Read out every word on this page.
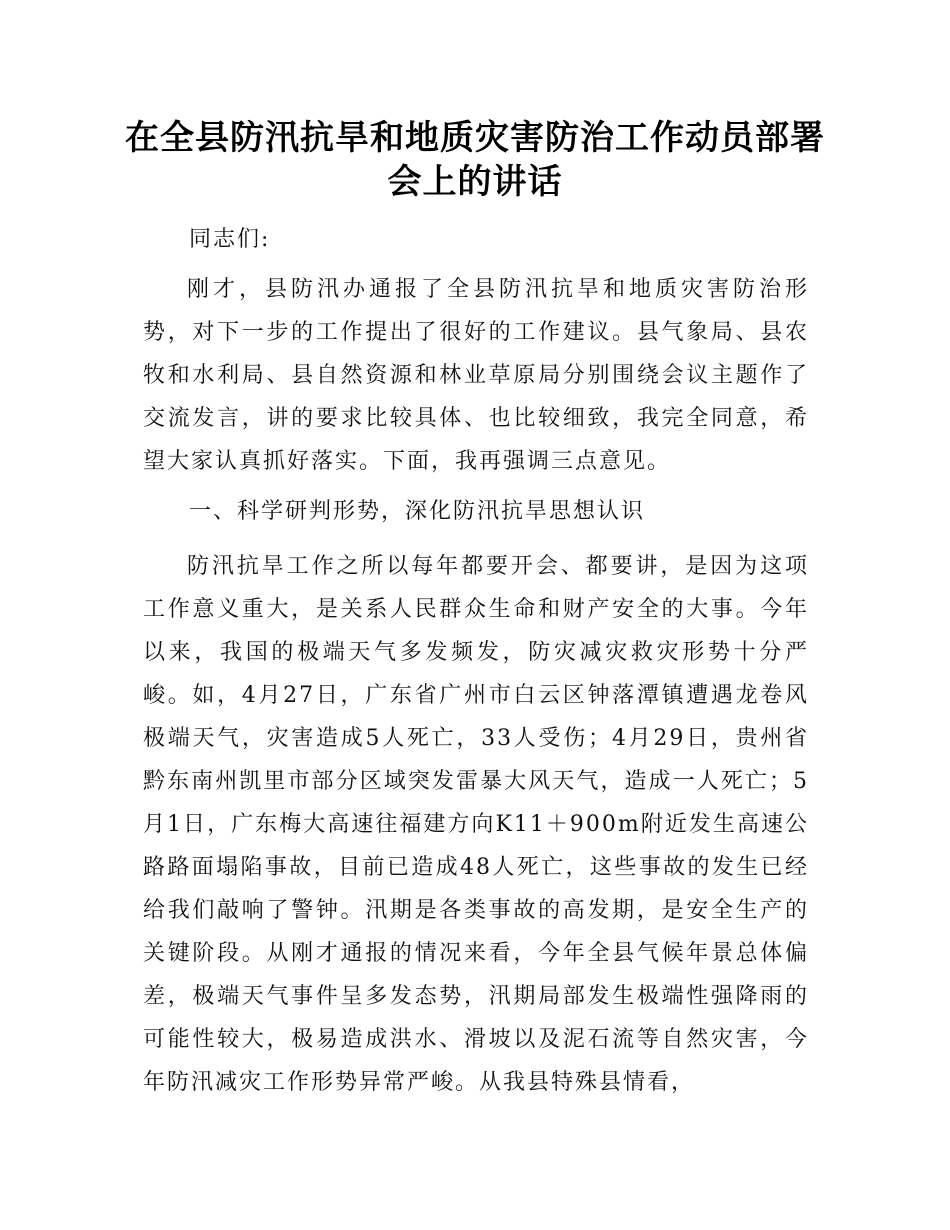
在全县防汛抗旱和地质灾害防治工作动员部署
会上的讲话

同志们:

刚才，县防汛办通报了全县防汛抗旱和地质灾害防治形势，对下一步的工作提出了很好的工作建议。县气象局、县农牧和水利局、县自然资源和林业草原局分别围绕会议主题作了交流发言，讲的要求比较具体、也比较细致，我完全同意，希望大家认真抓好落实。下面，我再强调三点意见。

一、科学研判形势，深化防汛抗旱思想认识

防汛抗旱工作之所以每年都要开会、都要讲，是因为这项工作意义重大，是关系人民群众生命和财产安全的大事。今年以来，我国的极端天气多发频发，防灾减灾救灾形势十分严峻。如，4月27日，广东省广州市白云区钟落潭镇遭遇龙卷风极端天气，灾害造成5人死亡，33人受伤；4月29日，贵州省黔东南州凯里市部分区域突发雷暴大风天气，造成一人死亡；5月1日，广东梅大高速往福建方向K11＋900m附近发生高速公路路面塌陷事故，目前已造成48人死亡，这些事故的发生已经给我们敲响了警钟。汛期是各类事故的高发期，是安全生产的关键阶段。从刚才通报的情况来看，今年全县气候年景总体偏差，极端天气事件呈多发态势，汛期局部发生极端性强降雨的可能性较大，极易造成洪水、滑坡以及泥石流等自然灾害，今年防汛减灾工作形势异常严峻。从我县特殊县情看，
